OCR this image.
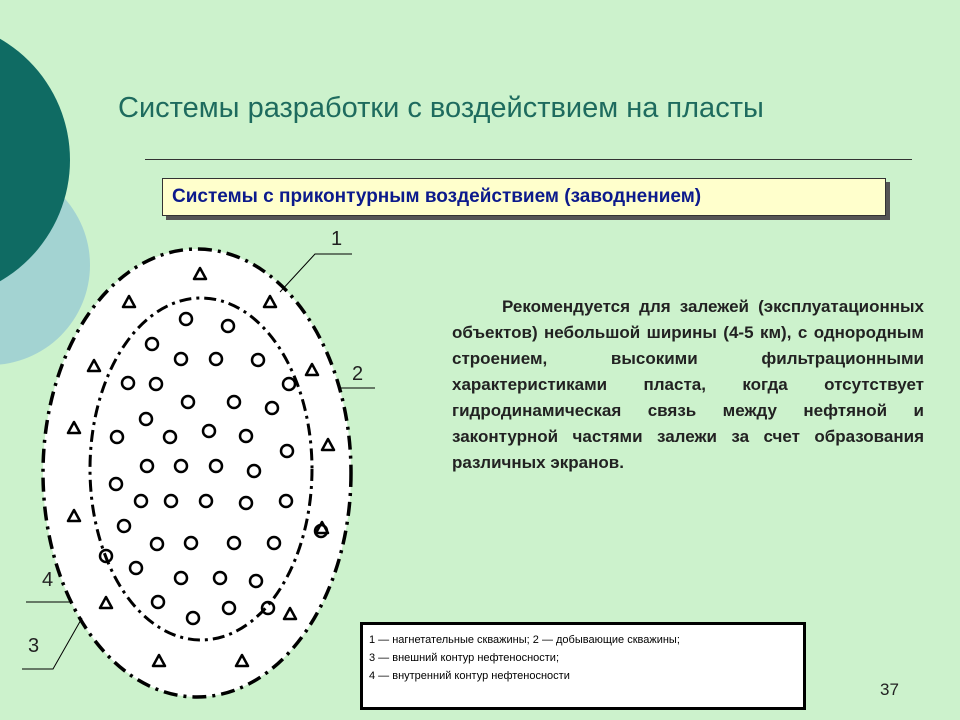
Системы разработки с воздействием на пласты
Системы с приконтурным воздействием (заводнением)
Рекомендуется для залежей (эксплуатационных объектов) небольшой ширины (4-5 км), с однородным строением, высокими фильтрационными характеристиками пласта, когда отсутствует гидродинамическая связь между нефтяной и законтурной частями залежи за счет образования различных экранов.
1
2
4
3	1 — нагнетательные скважины; 2 — добывающие скважины;
3 — внешний контур нефтеносности;
4 — внутренний контур нефтеносности
37
